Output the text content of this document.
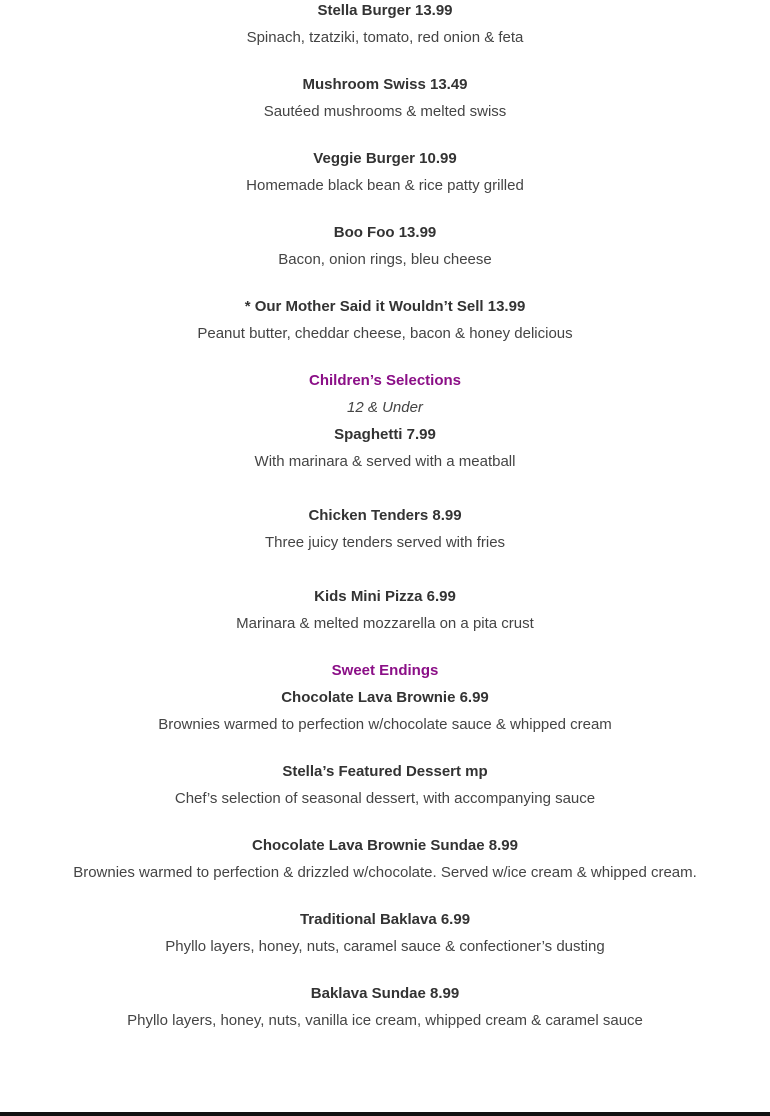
Stella Burger 13.99
Spinach, tzatziki, tomato, red onion & feta
Mushroom Swiss 13.49
Sautéed mushrooms & melted swiss
Veggie Burger 10.99
Homemade black bean & rice patty grilled
Boo Foo 13.99
Bacon, onion rings, bleu cheese
* Our Mother Said it Wouldn’t Sell 13.99
Peanut butter, cheddar cheese, bacon & honey delicious
Children’s Selections
12 & Under
Spaghetti 7.99
With marinara & served with a meatball
Chicken Tenders 8.99
Three juicy tenders served with fries
Kids Mini Pizza 6.99
Marinara & melted mozzarella on a pita crust
Sweet Endings
Chocolate Lava Brownie 6.99
Brownies warmed to perfection w/chocolate sauce & whipped cream
Stella’s Featured Dessert mp
Chef’s selection of seasonal dessert, with accompanying sauce
Chocolate Lava Brownie Sundae 8.99
Brownies warmed to perfection & drizzled w/chocolate. Served w/ice cream & whipped cream.
Traditional Baklava 6.99
Phyllo layers, honey, nuts, caramel sauce & confectioner’s dusting
Baklava Sundae 8.99
Phyllo layers, honey, nuts, vanilla ice cream, whipped cream & caramel sauce
